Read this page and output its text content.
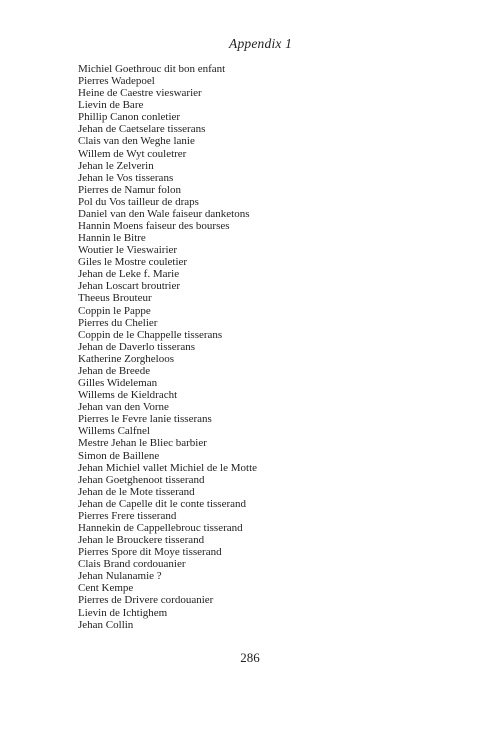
Appendix 1
Michiel Goethrouc dit bon enfant
Pierres Wadepoel
Heine de Caestre vieswarier
Lievin de Bare
Phillip Canon conletier
Jehan de Caetselare tisserans
Clais van den Weghe lanie
Willem de Wyt couletrer
Jehan le Zelverin
Jehan le Vos tisserans
Pierres de Namur folon
Pol du Vos tailleur de draps
Daniel van den Wale faiseur danketons
Hannin Moens faiseur des bourses
Hannin le Bitre
Woutier le Vieswairier
Giles le Mostre couletier
Jehan de Leke f. Marie
Jehan Loscart broutrier
Theeus Brouteur
Coppin le Pappe
Pierres du Chelier
Coppin de le Chappelle tisserans
Jehan de Daverlo tisserans
Katherine Zorgheloos
Jehan de Breede
Gilles Wideleman
Willems de Kieldracht
Jehan van den Vorne
Pierres le Fevre lanie tisserans
Willems Calfnel
Mestre Jehan le Bliec barbier
Simon de Baillene
Jehan Michiel vallet Michiel de le Motte
Jehan Goetghenoot tisserand
Jehan de le Mote tisserand
Jehan de Capelle dit le conte tisserand
Pierres Frere tisserand
Hannekin de Cappellebrouc tisserand
Jehan le Brouckere tisserand
Pierres Spore dit Moye tisserand
Clais Brand cordouanier
Jehan Nulanamie ?
Cent Kempe
Pierres de Drivere cordouanier
Lievin de Ichtighem
Jehan Collin
286
